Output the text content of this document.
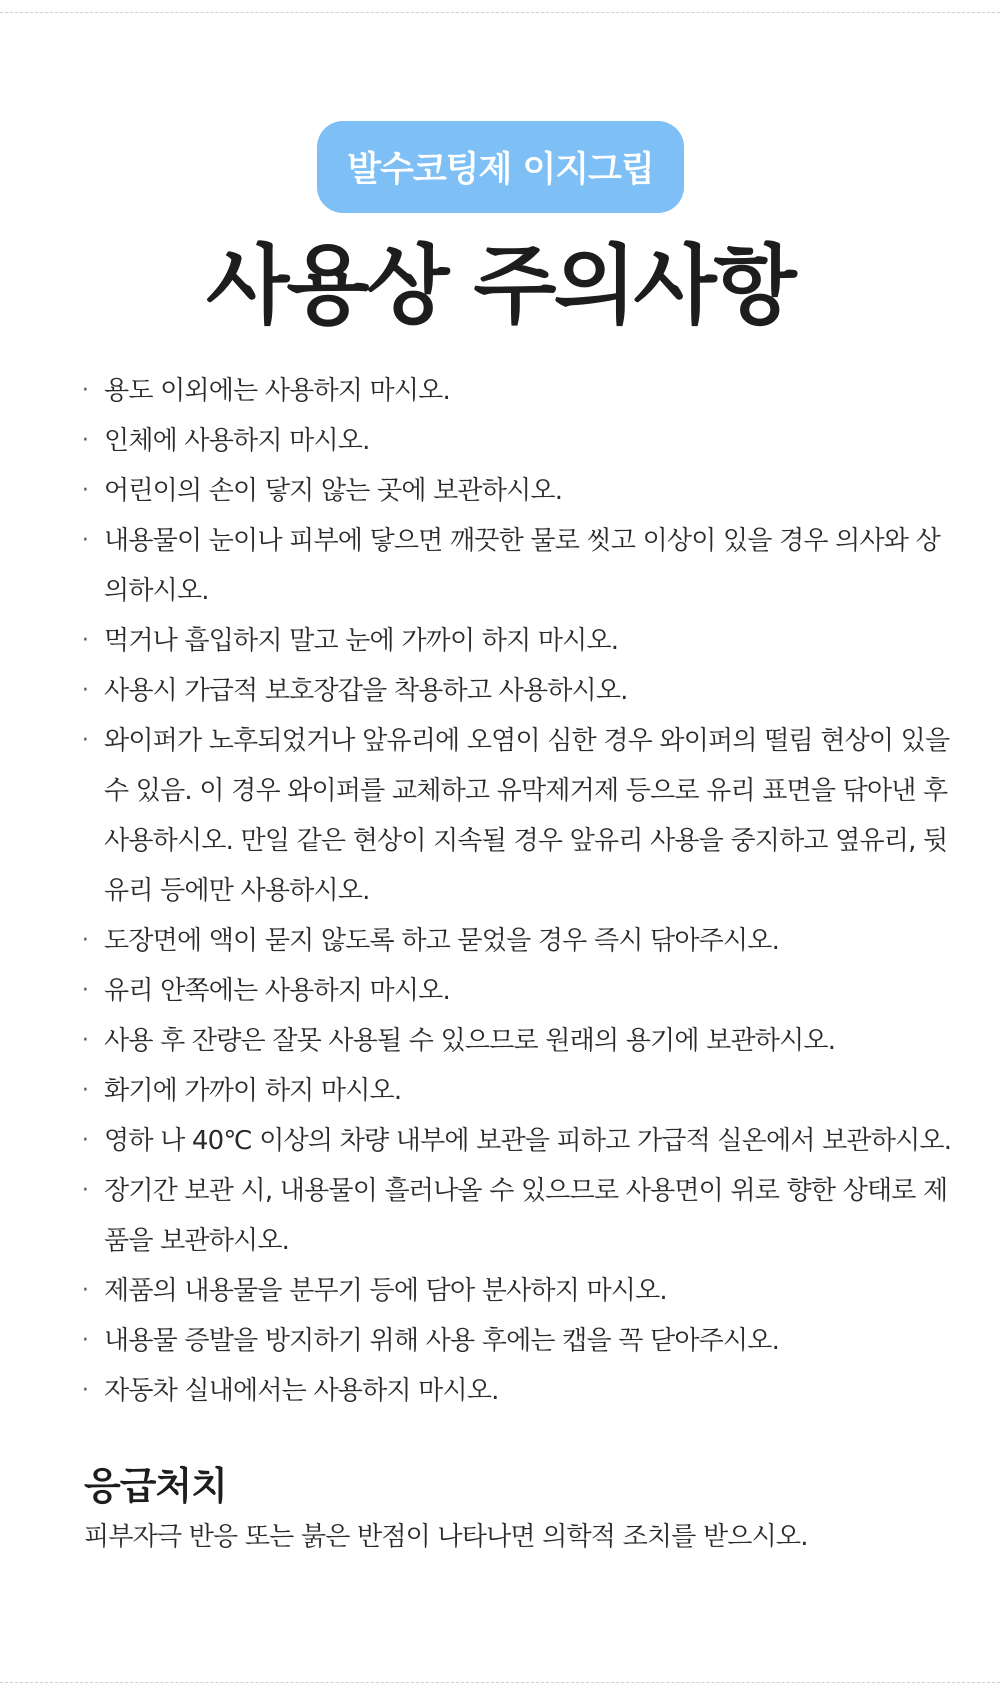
발수코팅제 이지그립
사용상 주의사항
· 용도 이외에는 사용하지 마시오.
· 인체에 사용하지 마시오.
· 어린이의 손이 닿지 않는 곳에 보관하시오.
· 내용물이 눈이나 피부에 닿으면 깨끗한 물로 씻고 이상이 있을 경우 의사와 상의하시오.
· 먹거나 흡입하지 말고 눈에 가까이 하지 마시오.
· 사용시 가급적 보호장갑을 착용하고 사용하시오.
· 와이퍼가 노후되었거나 앞유리에 오염이 심한 경우 와이퍼의 떨림 현상이 있을 수 있음. 이 경우 와이퍼를 교체하고 유막제거제 등으로 유리 표면을 닦아낸 후 사용하시오. 만일 같은 현상이 지속될 경우 앞유리 사용을 중지하고 옆유리, 뒷유리 등에만 사용하시오.
· 도장면에 액이 묻지 않도록 하고 묻었을 경우 즉시 닦아주시오.
· 유리 안쪽에는 사용하지 마시오.
· 사용 후 잔량은 잘못 사용될 수 있으므로 원래의 용기에 보관하시오.
· 화기에 가까이 하지 마시오.
· 영하 나 40℃ 이상의 차량 내부에 보관을 피하고 가급적 실온에서 보관하시오.
· 장기간 보관 시, 내용물이 흘러나올 수 있으므로 사용면이 위로 향한 상태로 제품을 보관하시오.
· 제품의 내용물을 분무기 등에 담아 분사하지 마시오.
· 내용물 증발을 방지하기 위해 사용 후에는 캡을 꼭 닫아주시오.
· 자동차 실내에서는 사용하지 마시오.
응급처치
피부자극 반응 또는 붉은 반점이 나타나면 의학적 조치를 받으시오.
